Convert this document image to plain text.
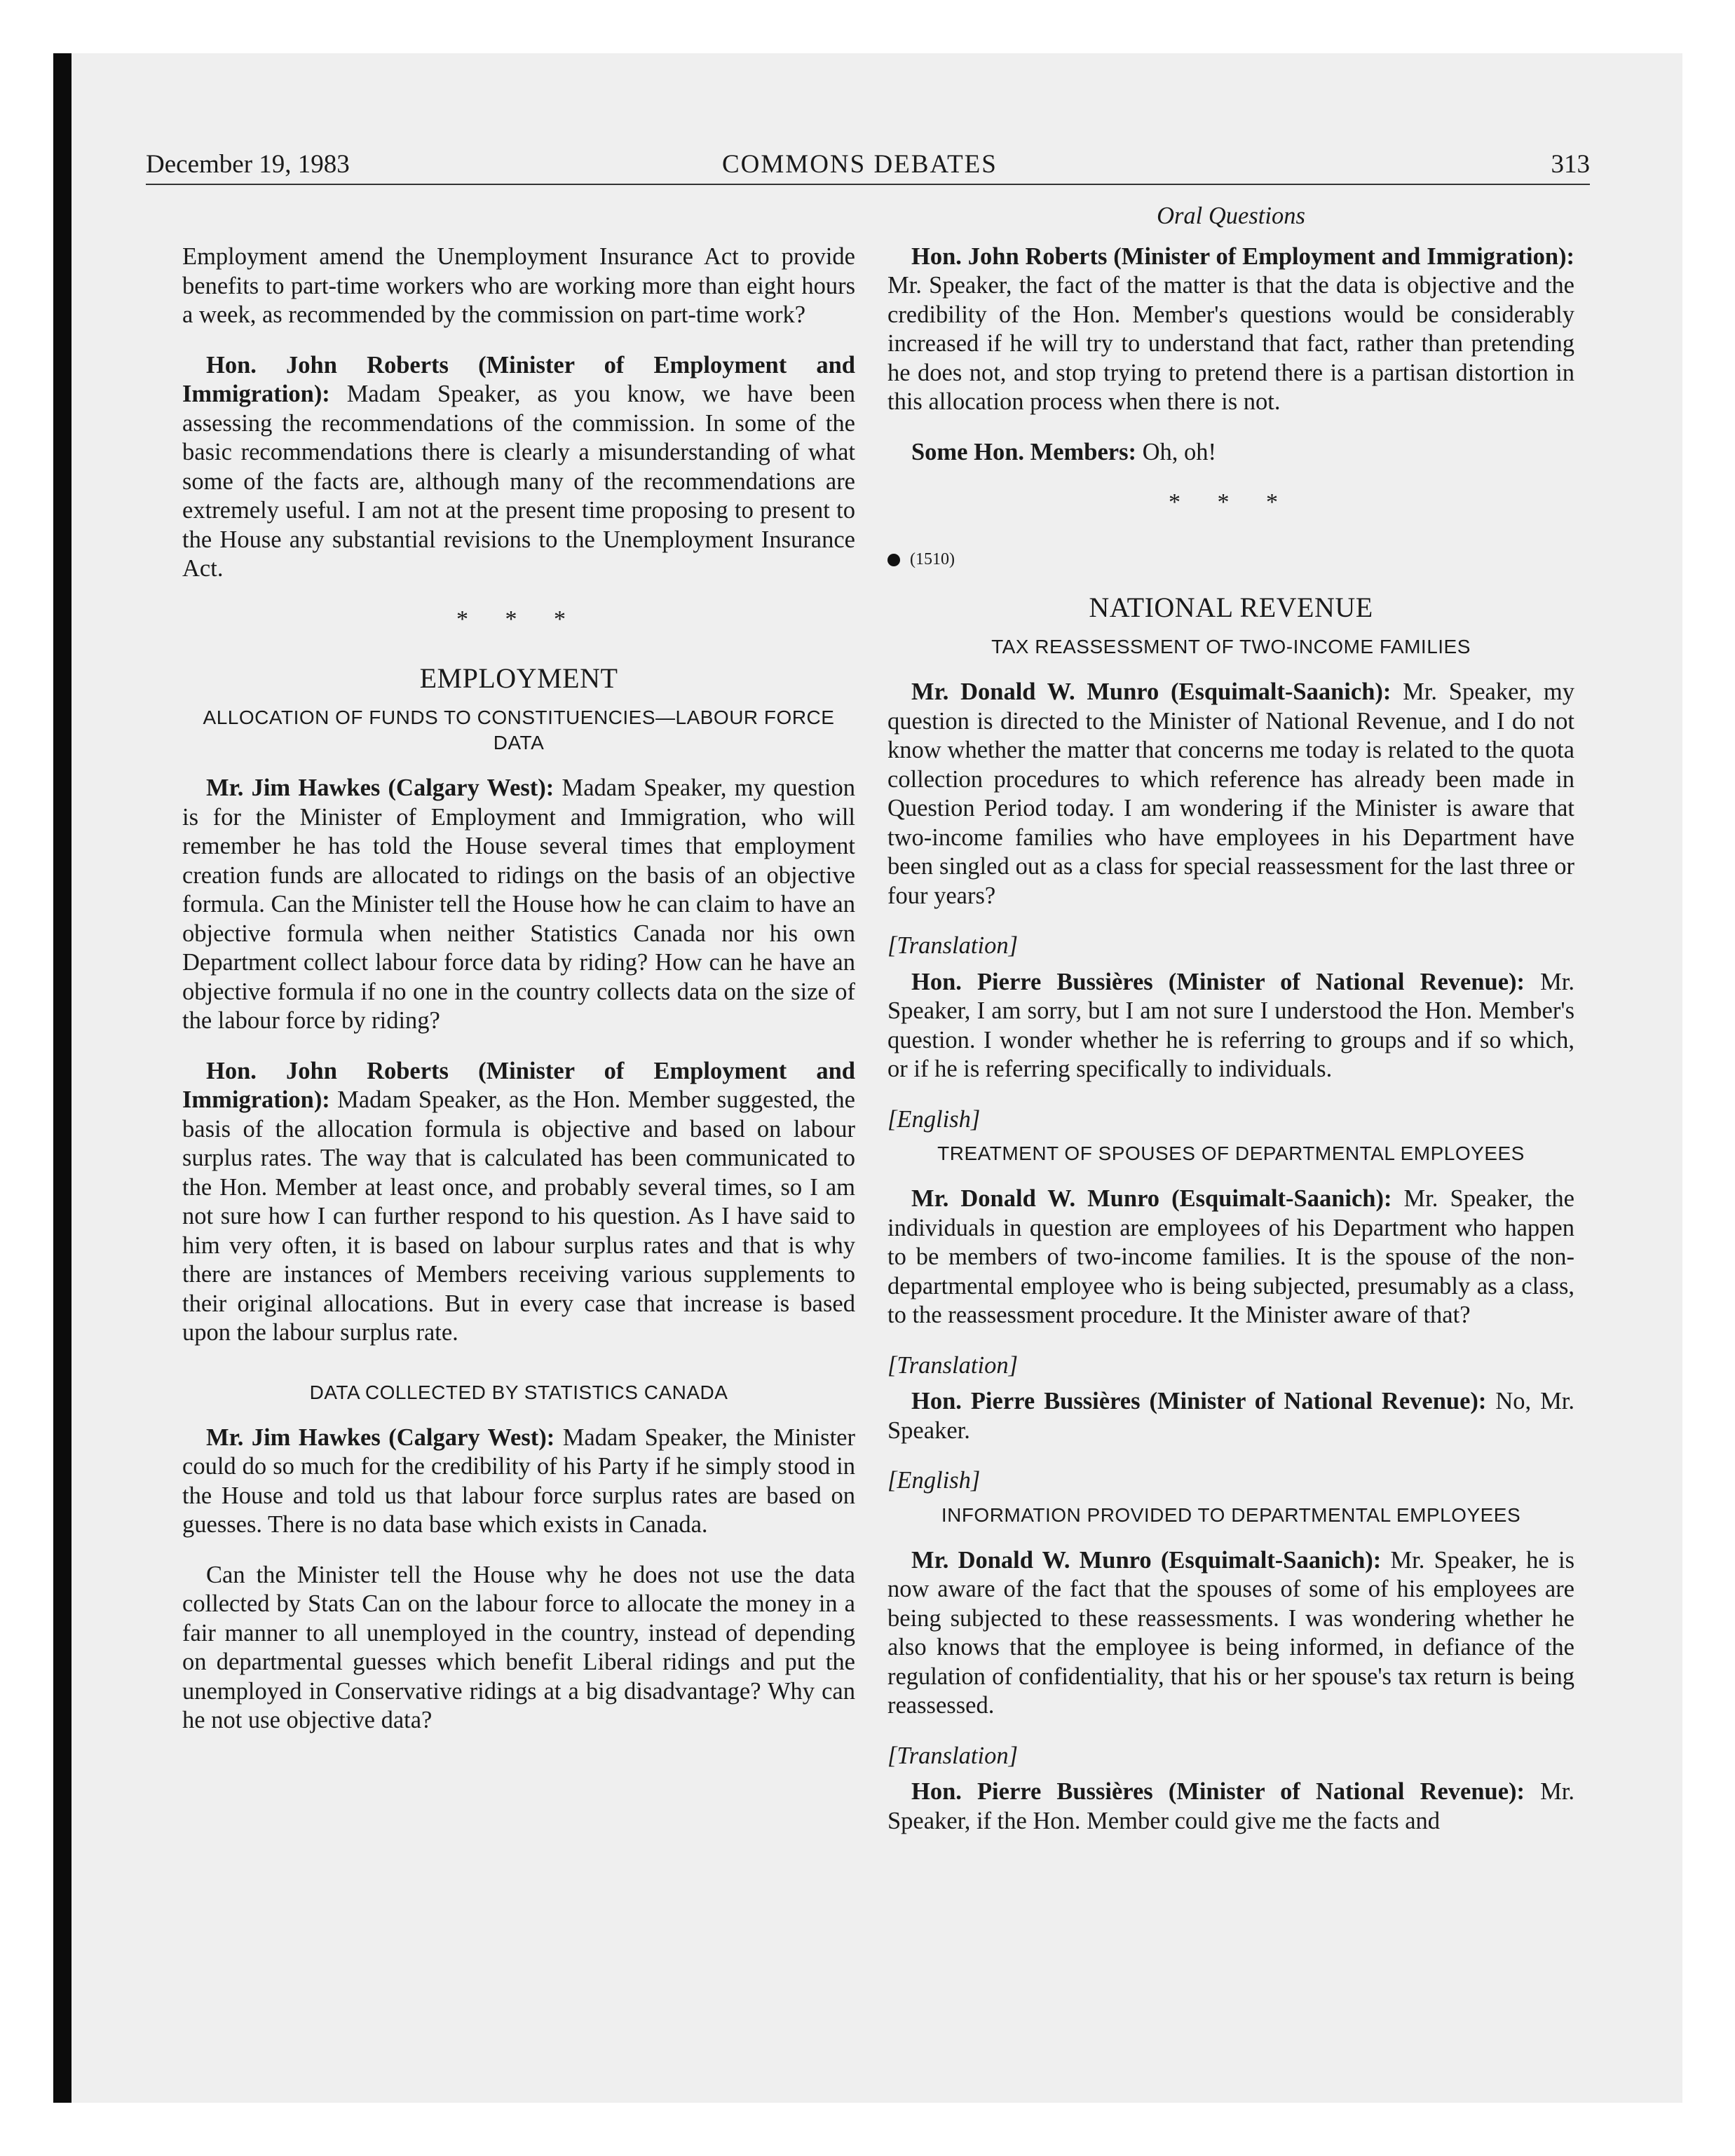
December 19, 1983	COMMONS DEBATES	313

Employment amend the Unemployment Insurance Act to provide benefits to part-time workers who are working more than eight hours a week, as recommended by the commission on part-time work?

Hon. John Roberts (Minister of Employment and Immigration): Madam Speaker, as you know, we have been assessing the recommendations of the commission. In some of the basic recommendations there is clearly a misunderstanding of what some of the facts are, although many of the recommendations are extremely useful. I am not at the present time proposing to present to the House any substantial revisions to the Unemployment Insurance Act.

* * *
EMPLOYMENT
ALLOCATION OF FUNDS TO CONSTITUENCIES—LABOUR FORCE DATA

Mr. Jim Hawkes (Calgary West): Madam Speaker, my question is for the Minister of Employment and Immigration, who will remember he has told the House several times that employment creation funds are allocated to ridings on the basis of an objective formula. Can the Minister tell the House how he can claim to have an objective formula when neither Statistics Canada nor his own Department collect labour force data by riding? How can he have an objective formula if no one in the country collects data on the size of the labour force by riding?

Hon. John Roberts (Minister of Employment and Immigration): Madam Speaker, as the Hon. Member suggested, the basis of the allocation formula is objective and based on labour surplus rates. The way that is calculated has been communicated to the Hon. Member at least once, and probably several times, so I am not sure how I can further respond to his question. As I have said to him very often, it is based on labour surplus rates and that is why there are instances of Members receiving various supplements to their original allocations. But in every case that increase is based upon the labour surplus rate.

DATA COLLECTED BY STATISTICS CANADA

Mr. Jim Hawkes (Calgary West): Madam Speaker, the Minister could do so much for the credibility of his Party if he simply stood in the House and told us that labour force surplus rates are based on guesses. There is no data base which exists in Canada.

Can the Minister tell the House why he does not use the data collected by Stats Can on the labour force to allocate the money in a fair manner to all unemployed in the country, instead of depending on departmental guesses which benefit Liberal ridings and put the unemployed in Conservative ridings at a big disadvantage? Why can he not use objective data?

Oral Questions

Hon. John Roberts (Minister of Employment and Immigration): Mr. Speaker, the fact of the matter is that the data is objective and the credibility of the Hon. Member's questions would be considerably increased if he will try to understand that fact, rather than pretending he does not, and stop trying to pretend there is a partisan distortion in this allocation process when there is not.

Some Hon. Members: Oh, oh!

* * *
(1510)
NATIONAL REVENUE
TAX REASSESSMENT OF TWO-INCOME FAMILIES

Mr. Donald W. Munro (Esquimalt-Saanich): Mr. Speaker, my question is directed to the Minister of National Revenue, and I do not know whether the matter that concerns me today is related to the quota collection procedures to which reference has already been made in Question Period today. I am wondering if the Minister is aware that two-income families who have employees in his Department have been singled out as a class for special reassessment for the last three or four years?

[Translation]

Hon. Pierre Bussières (Minister of National Revenue): Mr. Speaker, I am sorry, but I am not sure I understood the Hon. Member's question. I wonder whether he is referring to groups and if so which, or if he is referring specifically to individuals.

[English]
TREATMENT OF SPOUSES OF DEPARTMENTAL EMPLOYEES

Mr. Donald W. Munro (Esquimalt-Saanich): Mr. Speaker, the individuals in question are employees of his Department who happen to be members of two-income families. It is the spouse of the non-departmental employee who is being subjected, presumably as a class, to the reassessment procedure. It the Minister aware of that?

[Translation]

Hon. Pierre Bussières (Minister of National Revenue): No, Mr. Speaker.

[English]
INFORMATION PROVIDED TO DEPARTMENTAL EMPLOYEES

Mr. Donald W. Munro (Esquimalt-Saanich): Mr. Speaker, he is now aware of the fact that the spouses of some of his employees are being subjected to these reassessments. I was wondering whether he also knows that the employee is being informed, in defiance of the regulation of confidentiality, that his or her spouse's tax return is being reassessed.

[Translation]

Hon. Pierre Bussières (Minister of National Revenue): Mr. Speaker, if the Hon. Member could give me the facts and
